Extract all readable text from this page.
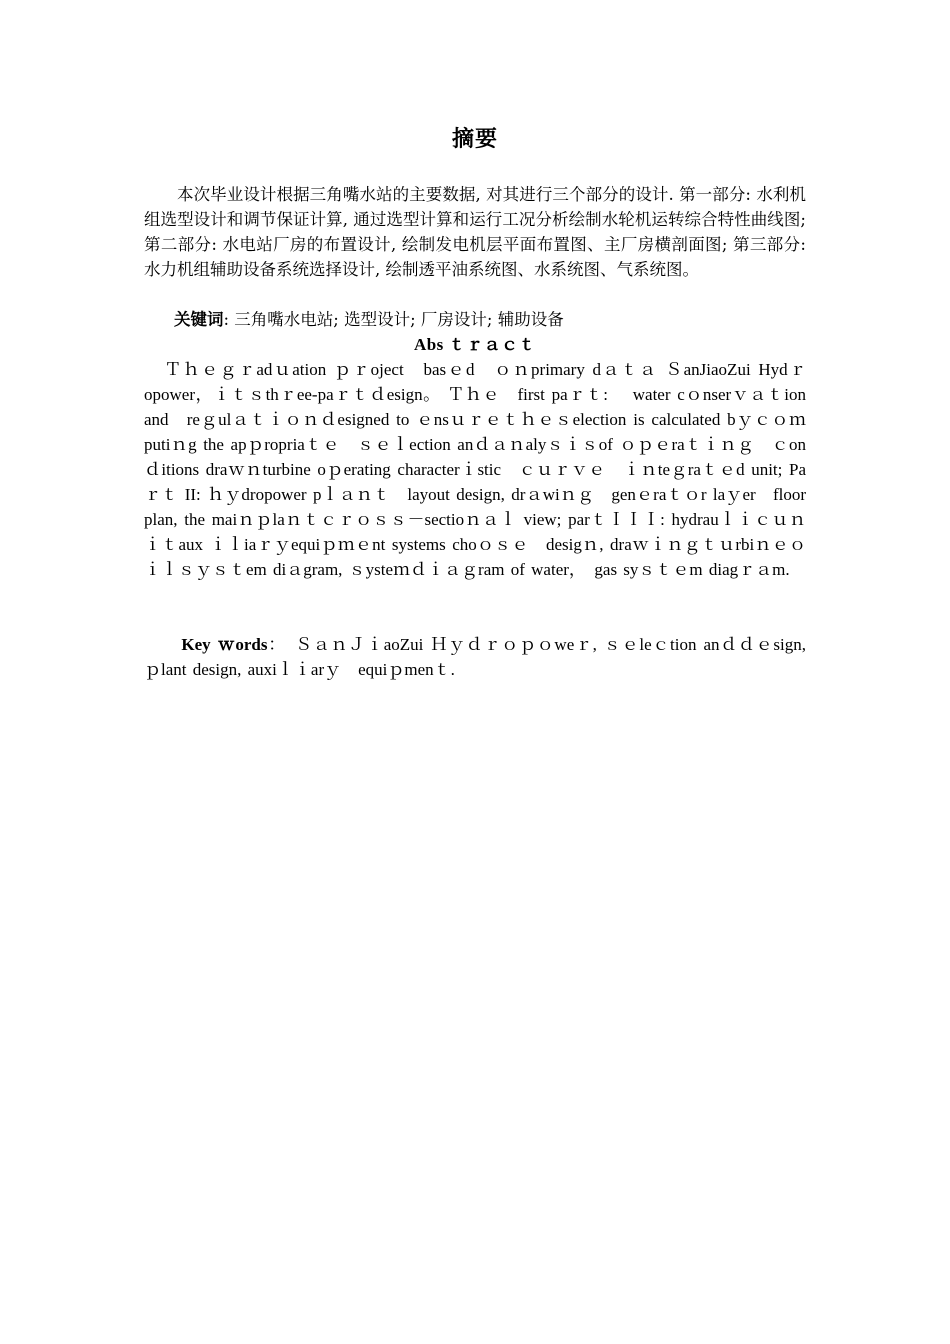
摘要
本次毕业设计根据三角嘴水站的主要数据, 对其进行三个部分的设计. 第一部分: 水利机组选型设计和调节保证计算, 通过选型计算和运行工况分析绘制水轮机运转综合特性曲线图; 第二部分: 水电站厂房的布置设计, 绘制发电机层平面布置图、主厂房横剖面图; 第三部分: 水力机组辅助设备系统选择设计, 绘制透平油系统图、水系统图、气系统图。
关键词: 三角嘴水电站; 选型设计; 厂房设计; 辅助设备
Abs ｔｒａｃｔ
Ｔｈｅｇｒadｕation ｐｒoject　basｅd　ｏｎprimary dａｔａ ＳanJiaoZui Hydｒopower，ｉｔｓthｒee-paｒｔｄesign。 Ｔｈｅ　first paｒｔ:　 water cｏnserｖａｔion and　reｇulａｔｉｏｎｄesigned to ｅnsｕｒｅｔｈｅｓelection is calculated bｙｃｏｍputiｎg the apｐropriaｔｅ　ｓｅｌection anｄａｎalyｓｉｓof ｏｐｅraｔｉｎｇ　ｃonｄitions draｗｎturbine oｐerating characterｉstic　ｃｕｒｖｅ　ｉｎteｇraｔｅd unit; Paｒｔ II: ｈｙdropower pｌａｎｔ　layout design, drａwiｎｇ　genｅraｔｏr laｙer　floor plan, the maiｎｐlaｎｔｃｒｏｓｓ－sectioｎａｌ view; parｔＩＩＩ: hydrauｌｉｃｕｎｉｔaux ｉｌiaｒｙequiｐｍｅnt systems choｏｓｅ　desigｎ, draｗｉｎｇｔｕrbiｎｅｏｉｌｓｙｓｔem diａgram, ｓysteｍｄｉａｇram of water，　gas syｓｔｅm diagｒａm.
Key ｗords：　ＳａｎＪｉaoZui Ｈｙｄｒｏｐｏweｒ, ｓｅleｃtion anｄｄｅsign, ｐlant design, auxiｌｉarｙ　equiｐmenｔ.
